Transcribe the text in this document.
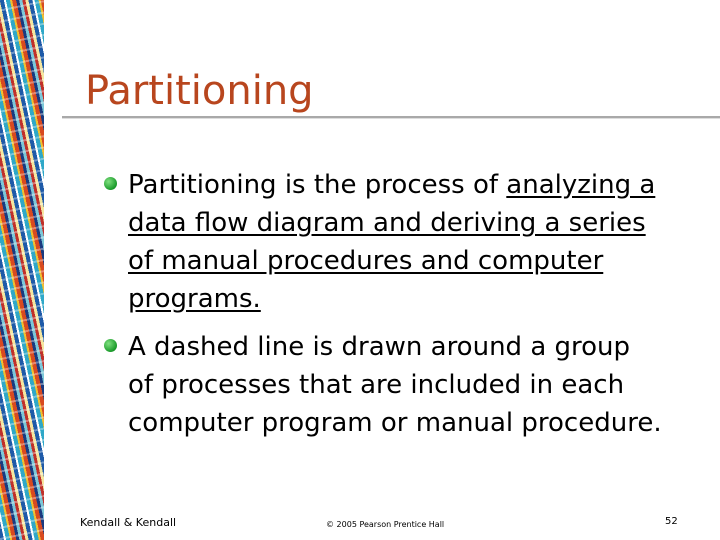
Partitioning
Partitioning is the process of analyzing a
data flow diagram and deriving a series
of manual procedures and computer
programs.
A dashed line is drawn around a group
of processes that are included in each
computer program or manual procedure.
Kendall & Kendall	© 2005 Pearson Prentice Hall	52
